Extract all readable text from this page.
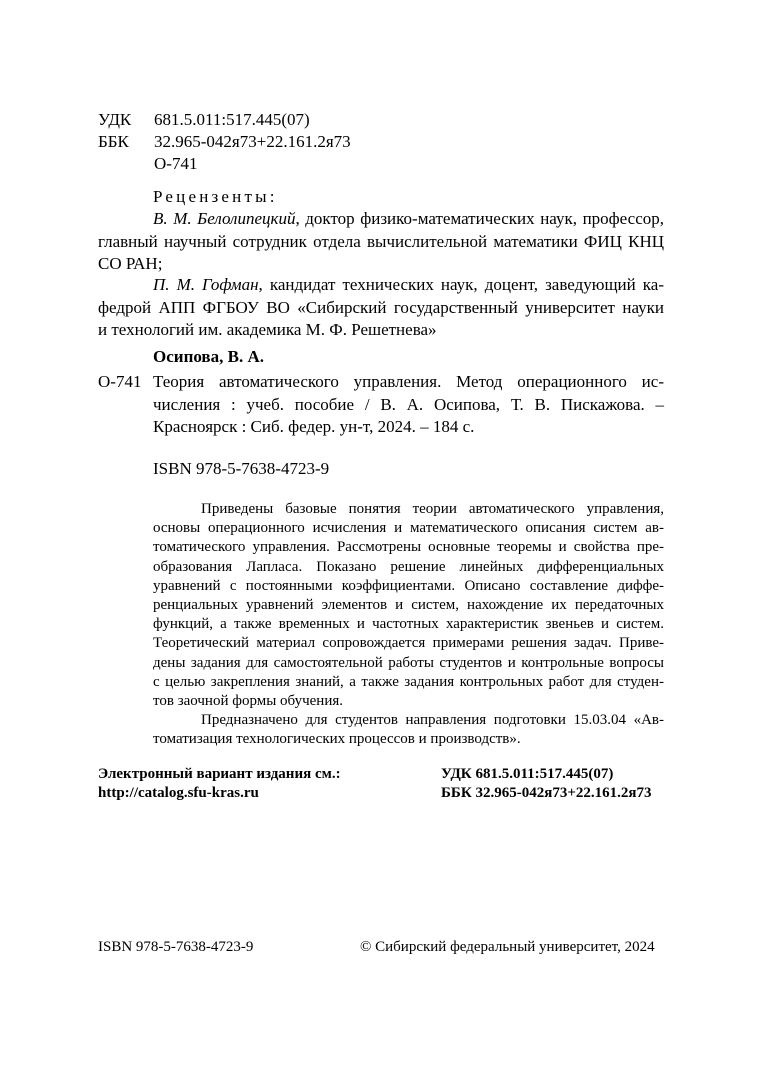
УДК 681.5.011:517.445(07)
ББК 32.965-042я73+22.161.2я73
О-741
Рецензенты:
В. М. Белолипецкий, доктор физико-математических наук, профессор,
главный научный сотрудник отдела вычислительной математики ФИЦ КНЦ
СО РАН;
П. М. Гофман, кандидат технических наук, доцент, заведующий ка-
федрой АПП ФГБОУ ВО «Сибирский государственный университет науки
и технологий им. академика М. Ф. Решетнева»
Осипова, В. А.
О-741 Теория автоматического управления. Метод операционного ис-
числения : учеб. пособие / В. А. Осипова, Т. В. Пискажова. –
Красноярск : Сиб. федер. ун-т, 2024. – 184 с.
ISBN 978-5-7638-4723-9
Приведены базовые понятия теории автоматического управления,
основы операционного исчисления и математического описания систем ав-
томатического управления. Рассмотрены основные теоремы и свойства пре-
образования Лапласа. Показано решение линейных дифференциальных
уравнений с постоянными коэффициентами. Описано составление диффе-
ренциальных уравнений элементов и систем, нахождение их передаточных
функций, а также временных и частотных характеристик звеньев и систем.
Теоретический материал сопровождается примерами решения задач. Приве-
дены задания для самостоятельной работы студентов и контрольные вопросы
с целью закрепления знаний, а также задания контрольных работ для студен-
тов заочной формы обучения.
Предназначено для студентов направления подготовки 15.03.04 «Ав-
томатизация технологических процессов и производств».
Электронный вариант издания см.:
http://catalog.sfu-kras.ru
УДК 681.5.011:517.445(07)
ББК 32.965-042я73+22.161.2я73
ISBN 978-5-7638-4723-9	© Сибирский федеральный университет, 2024
